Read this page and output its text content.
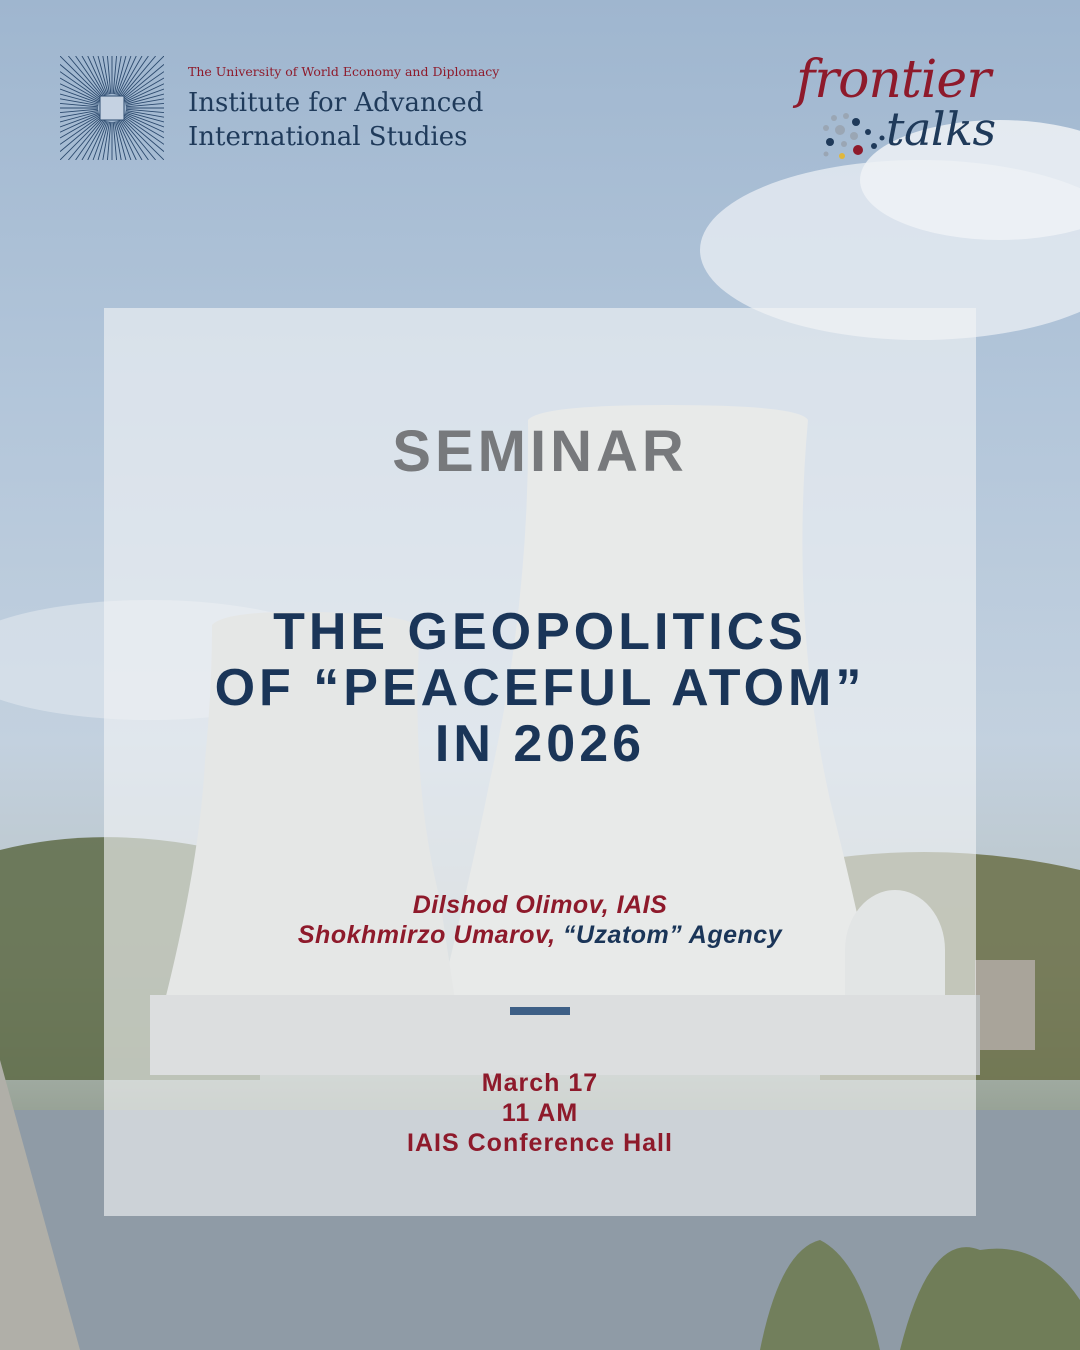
The University of World Economy and Diplomacy
Institute for Advanced
International Studies
frontier
talks
SEMINAR
THE GEOPOLITICS
OF “PEACEFUL ATOM”
IN 2026
Dilshod Olimov, IAIS
Shokhmirzo Umarov, “Uzatom” Agency
March 17
11 AM
IAIS Conference Hall
